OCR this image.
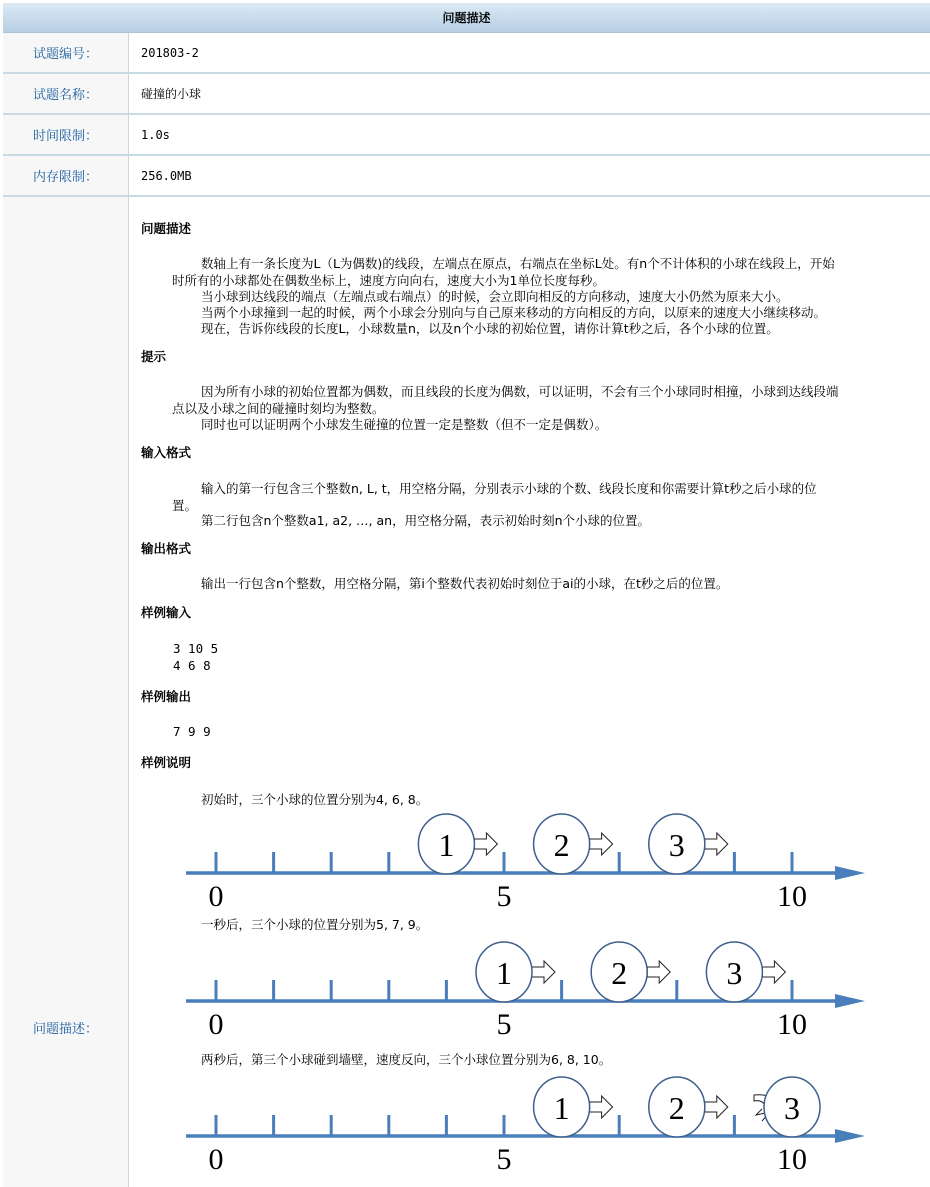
问题描述
试题编号：	201803-2
试题名称：	碰撞的小球
时间限制：	1.0s
内存限制：	256.0MB
问题描述：
问题描述
数轴上有一条长度为L（L为偶数)的线段，左端点在原点，右端点在坐标L处。有n个不计体积的小球在线段上，开始
时所有的小球都处在偶数坐标上，速度方向向右，速度大小为1单位长度每秒。
当小球到达线段的端点（左端点或右端点）的时候，会立即向相反的方向移动，速度大小仍然为原来大小。
当两个小球撞到一起的时候，两个小球会分别向与自己原来移动的方向相反的方向，以原来的速度大小继续移动。
现在，告诉你线段的长度L，小球数量n，以及n个小球的初始位置，请你计算t秒之后，各个小球的位置。
提示
因为所有小球的初始位置都为偶数，而且线段的长度为偶数，可以证明，不会有三个小球同时相撞，小球到达线段端
点以及小球之间的碰撞时刻均为整数。
同时也可以证明两个小球发生碰撞的位置一定是整数（但不一定是偶数）。
输入格式
输入的第一行包含三个整数n, L, t，用空格分隔，分别表示小球的个数、线段长度和你需要计算t秒之后小球的位
置。
第二行包含n个整数a1, a2, …, an，用空格分隔，表示初始时刻n个小球的位置。
输出格式
输出一行包含n个整数，用空格分隔，第i个整数代表初始时刻位于ai的小球，在t秒之后的位置。
样例输入
3 10 5
4 6 8
样例输出
7 9 9
样例说明
初始时，三个小球的位置分别为4, 6, 8。
0	5	10
1	2	3
一秒后，三个小球的位置分别为5, 7, 9。
0	5	10
1	2	3
两秒后，第三个小球碰到墙壁，速度反向，三个小球位置分别为6, 8, 10。
0	5	10
1	2	3
